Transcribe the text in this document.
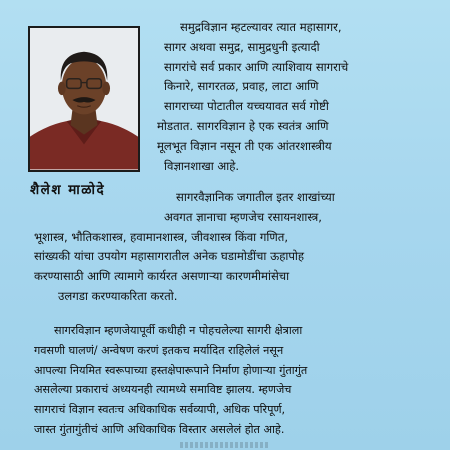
शैलेश माळोदे
समुद्रविज्ञान म्हटल्यावर त्यात महासागर,
सागर अथवा समुद्र, सामुद्रधुनी इत्यादी
सागरांचे सर्व प्रकार आणि त्याशिवाय सागराचे
किनारे, सागरतळ, प्रवाह, लाटा आणि
सागराच्या पोटातील यच्चयावत सर्व गोष्टी
मोडतात. सागरविज्ञान हे एक स्वतंत्र आणि
मूलभूत विज्ञान नसून ती एक आंतरशास्त्रीय
विज्ञानशाखा आहे.
सागरवैज्ञानिक जगातील इतर शाखांच्या
अवगत ज्ञानाचा म्हणजेच रसायनशास्त्र,
भूशास्त्र, भौतिकशास्त्र, हवामानशास्त्र, जीवशास्त्र किंवा गणित,
सांख्यकी यांचा उपयोग महासागरातील अनेक घडामोडींचा ऊहापोह
करण्यासाठी आणि त्यामागे कार्यरत असणाऱ्या कारणमीमांसेचा
उलगडा करण्याकरिता करतो.
सागरविज्ञान म्हणजेयापूर्वी कधीही न पोहचलेल्या सागरी क्षेत्राला
गवसणी घालणं/ अन्वेषण करणं इतकच मर्यादित राहिलेलं नसून
आपल्या नियमित स्वरूपाच्या हस्तक्षेपारूपाने निर्माण होणाऱ्या गुंतागुंत
असलेल्या प्रकाराचं अध्ययनही त्यामध्ये समाविष्ट झालय. म्हणजेच
सागराचं विज्ञान स्वतःच अधिकाधिक सर्वव्यापी, अधिक परिपूर्ण,
जास्त गुंतागुंतीचं आणि अधिकाधिक विस्तार असलेलं होत आहे.
